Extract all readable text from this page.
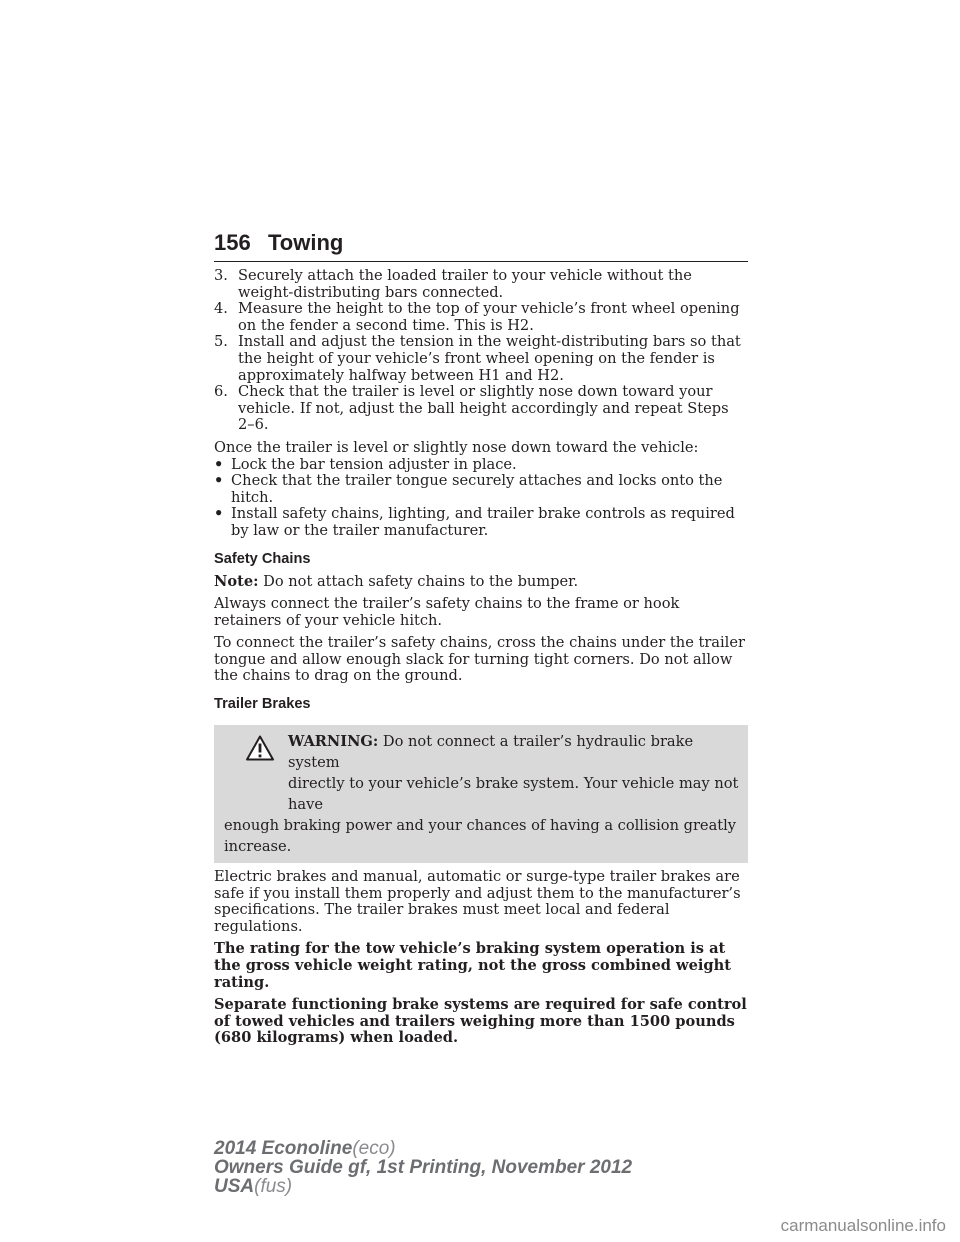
156 Towing
3. Securely attach the loaded trailer to your vehicle without the weight-distributing bars connected.
4. Measure the height to the top of your vehicle’s front wheel opening on the fender a second time. This is H2.
5. Install and adjust the tension in the weight-distributing bars so that the height of your vehicle’s front wheel opening on the fender is approximately halfway between H1 and H2.
6. Check that the trailer is level or slightly nose down toward your vehicle. If not, adjust the ball height accordingly and repeat Steps 2–6.
Once the trailer is level or slightly nose down toward the vehicle:
• Lock the bar tension adjuster in place.
• Check that the trailer tongue securely attaches and locks onto the hitch.
• Install safety chains, lighting, and trailer brake controls as required by law or the trailer manufacturer.
Safety Chains
Note: Do not attach safety chains to the bumper.
Always connect the trailer’s safety chains to the frame or hook retainers of your vehicle hitch.
To connect the trailer’s safety chains, cross the chains under the trailer tongue and allow enough slack for turning tight corners. Do not allow the chains to drag on the ground.
Trailer Brakes
WARNING: Do not connect a trailer’s hydraulic brake system
directly to your vehicle’s brake system. Your vehicle may not have
enough braking power and your chances of having a collision greatly increase.
Electric brakes and manual, automatic or surge-type trailer brakes are safe if you install them properly and adjust them to the manufacturer’s specifications. The trailer brakes must meet local and federal regulations.
The rating for the tow vehicle’s braking system operation is at the gross vehicle weight rating, not the gross combined weight rating.
Separate functioning brake systems are required for safe control of towed vehicles and trailers weighing more than 1500 pounds (680 kilograms) when loaded.
2014 Econoline(eco)
Owners Guide gf, 1st Printing, November 2012
USA(fus)
carmanualsonline.info
